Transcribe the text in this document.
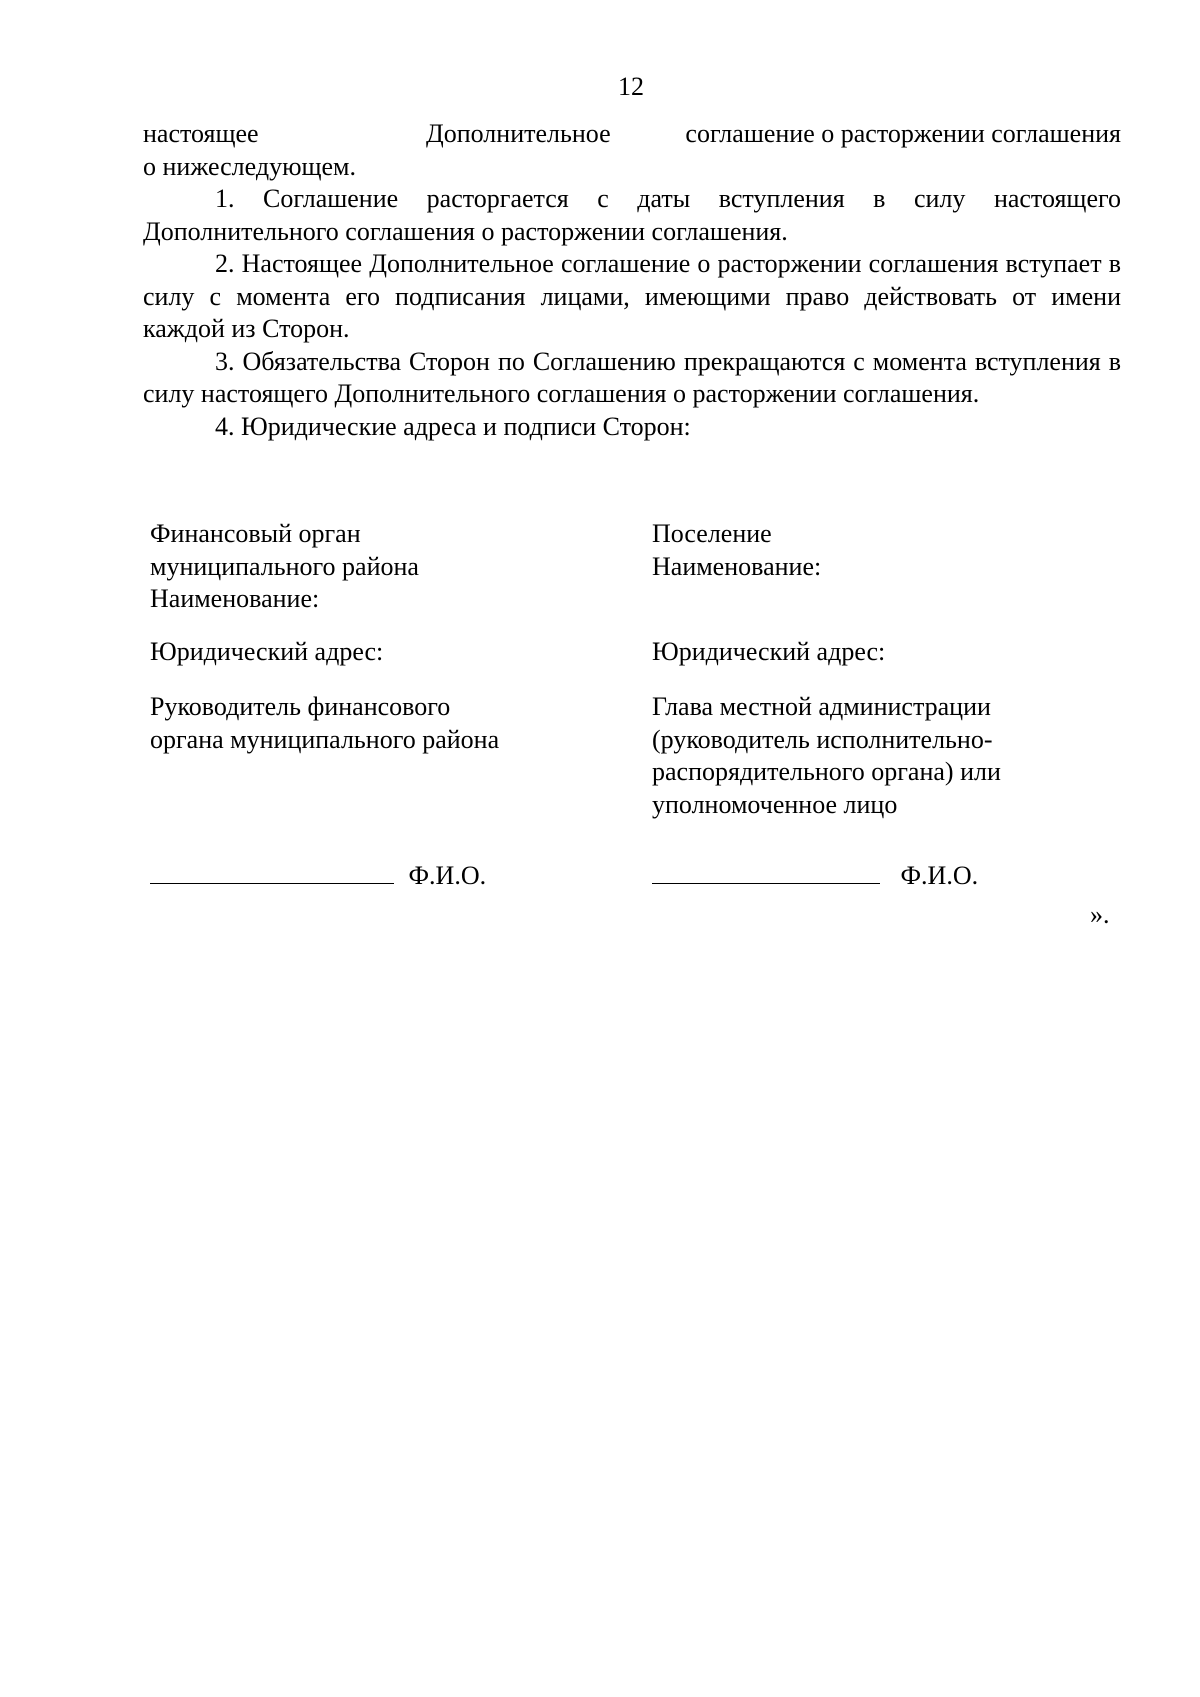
12
настоящее	Дополнительное	соглашение о расторжении соглашения

о нижеследующем.

1. Соглашение расторгается с даты вступления в силу настоящего Дополнительного соглашения о расторжении соглашения.

2. Настоящее Дополнительное соглашение о расторжении соглашения вступает в силу с момента его подписания лицами, имеющими право действовать от имени каждой из Сторон.

3. Обязательства Сторон по Соглашению прекращаются с момента вступления в силу настоящего Дополнительного соглашения о расторжении соглашения.

4. Юридические адреса и подписи Сторон:

Финансовый орган
муниципального района
Наименование:
Юридический адрес:
Руководитель финансового
органа муниципального района
Ф.И.О.
Поселение
Наименование:
Юридический адрес:
Глава местной администрации
(руководитель исполнительно-
распорядительного органа) или
уполномоченное лицо
Ф.И.О.
».
